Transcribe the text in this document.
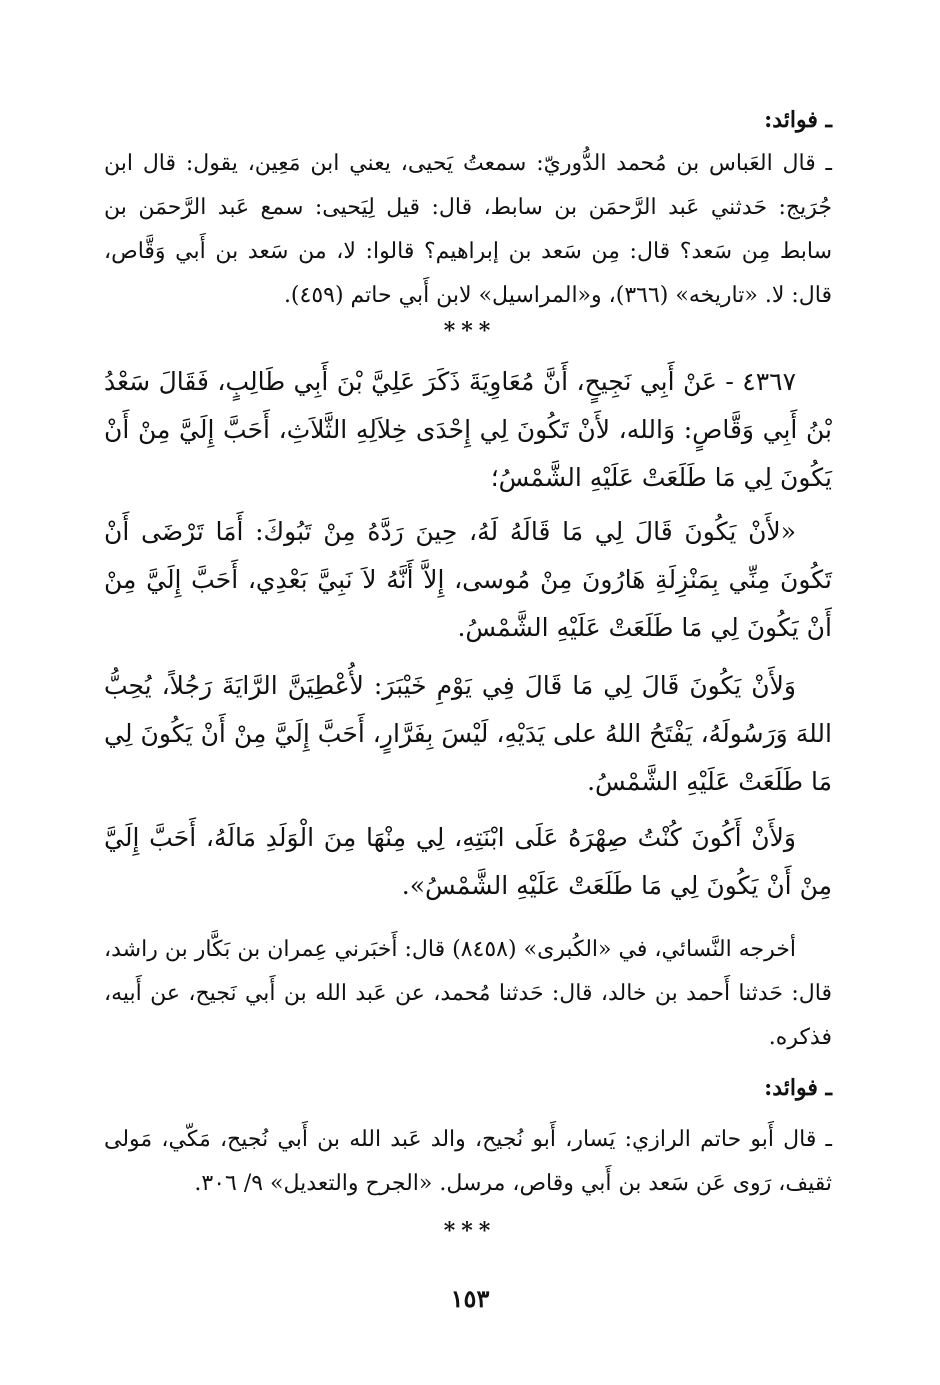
ـ فوائد:
ـ قال العَباس بن مُحمد الدُّوريّ: سمعتُ يَحيى، يعني ابن مَعِين، يقول: قال ابن جُرَيج: حَدثني عَبد الرَّحمَن بن سابط، قال: قيل لِيَحيى: سمع عَبد الرَّحمَن بن سابط مِن سَعد؟ قال: مِن سَعد بن إبراهيم؟ قالوا: لا، من سَعد بن أَبي وَقَّاص، قال: لا. «تاريخه» (٣٦٦)، و«المراسيل» لابن أَبي حاتم (٤٥٩).
***
٤٣٦٧ - عَنْ أَبِي نَجِيحٍ، أَنَّ مُعَاوِيَةَ ذَكَرَ عَلِيَّ بْنَ أَبِي طَالِبٍ، فَقَالَ سَعْدُ بْنُ أَبِي وَقَّاصٍ: وَالله، لأَنْ تَكُونَ لِي إِحْدَى خِلاَلِهِ الثَّلاَثِ، أَحَبَّ إِلَيَّ مِنْ أَنْ يَكُونَ لِي مَا طَلَعَتْ عَلَيْهِ الشَّمْسُ؛
«لأَنْ يَكُونَ قَالَ لِي مَا قَالَهُ لَهُ، حِينَ رَدَّهُ مِنْ تَبُوكَ: أَمَا تَرْضَى أَنْ تَكُونَ مِنِّي بِمَنْزِلَةِ هَارُونَ مِنْ مُوسى، إِلاَّ أَنَّهُ لاَ نَبِيَّ بَعْدِي، أَحَبَّ إِلَيَّ مِنْ أَنْ يَكُونَ لِي مَا طَلَعَتْ عَلَيْهِ الشَّمْسُ.
وَلأَنْ يَكُونَ قَالَ لِي مَا قَالَ فِي يَوْمِ خَيْبَرَ: لأُعْطِيَنَّ الرَّايَةَ رَجُلاً، يُحِبُّ اللهَ وَرَسُولَهُ، يَفْتَحُ اللهُ على يَدَيْهِ، لَيْسَ بِفَرَّارٍ، أَحَبَّ إِلَيَّ مِنْ أَنْ يَكُونَ لِي مَا طَلَعَتْ عَلَيْهِ الشَّمْسُ.
وَلأَنْ أَكُونَ كُنْتُ صِهْرَهُ عَلَى ابْنَتِهِ، لِي مِنْهَا مِنَ الْوَلَدِ مَالَهُ، أَحَبَّ إِلَيَّ مِنْ أَنْ يَكُونَ لِي مَا طَلَعَتْ عَلَيْهِ الشَّمْسُ».
أخرجه النَّسائي، في «الكُبرى» (٨٤٥٨) قال: أَخبَرني عِمران بن بَكَّار بن راشد، قال: حَدثنا أَحمد بن خالد، قال: حَدثنا مُحمد، عن عَبد الله بن أَبي نَجيح، عن أَبيه، فذكره.
ـ فوائد:
ـ قال أَبو حاتم الرازي: يَسار، أَبو نُجيح، والد عَبد الله بن أَبي نُجيح، مَكّي، مَولى ثقيف، رَوى عَن سَعد بن أَبي وقاص، مرسل. «الجرح والتعديل» ٩/ ٣٠٦.
***
١٥٣
